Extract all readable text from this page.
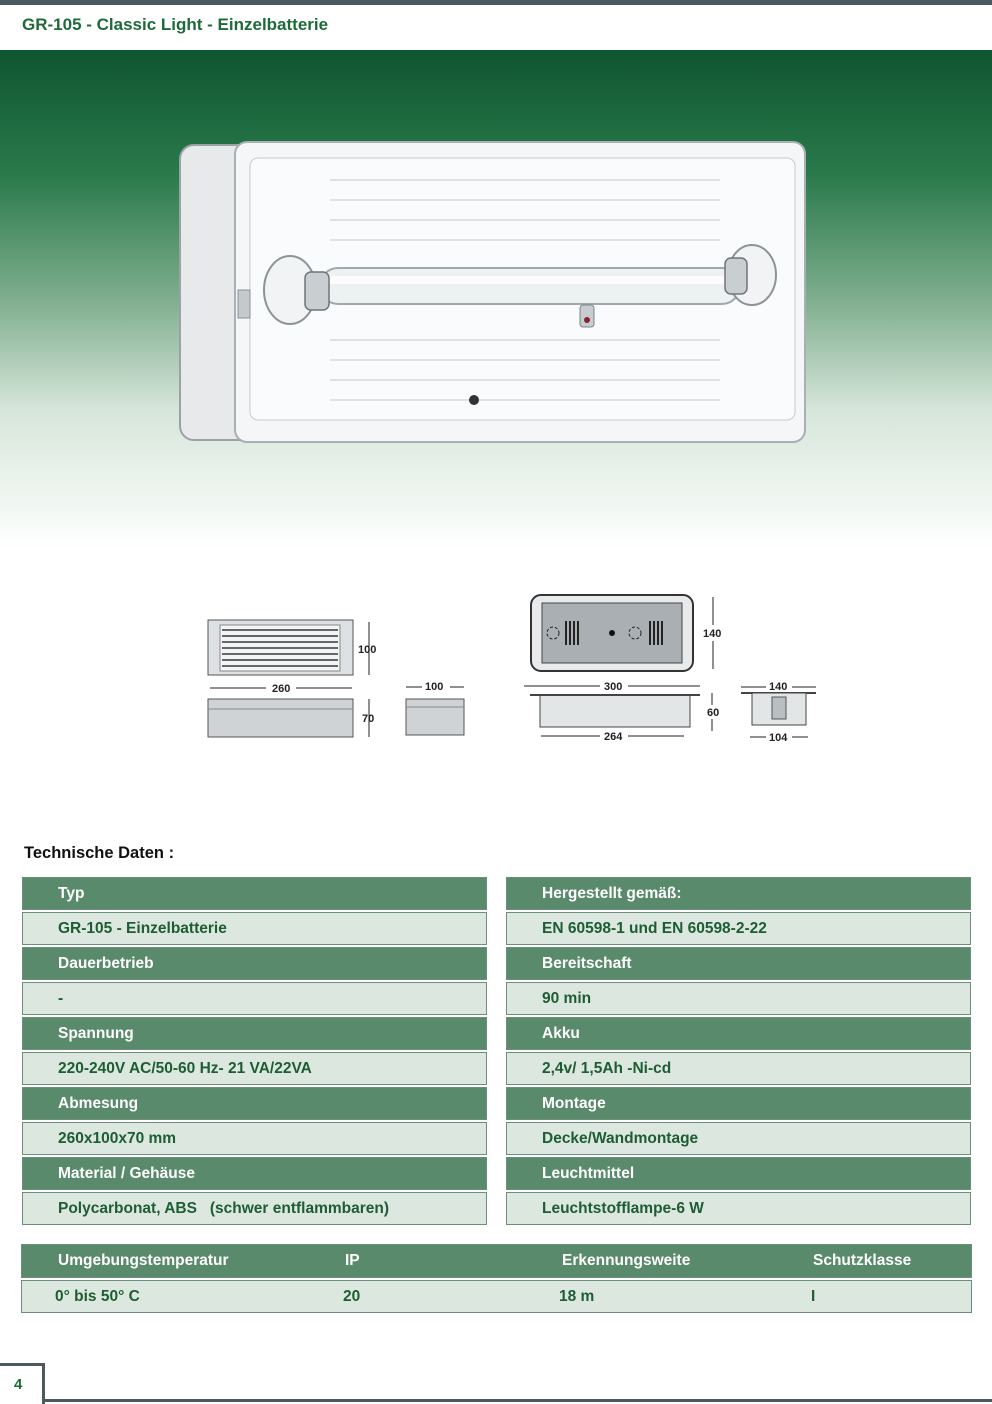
GR-105 - Classic Light - Einzelbatterie
100
260
70
100
140
300
60
264
140
104
Technische Daten :
Typ
GR-105 - Einzelbatterie
Dauerbetrieb
-
Spannung
220-240V AC/50-60 Hz- 21 VA/22VA
Abmesung
260x100x70 mm
Material / Gehäuse
Polycarbonat, ABS   (schwer entflammbaren)
Hergestellt gemäß:
EN 60598-1 und EN 60598-2-22
Bereitschaft
90 min
Akku
2,4v/ 1,5Ah -Ni-cd
Montage
Decke/Wandmontage
Leuchtmittel
Leuchtstofflampe-6 W
Umgebungstemperatur	IP	Erkennungsweite	Schutzklasse
0° bis 50° C	20	18 m	I
4
